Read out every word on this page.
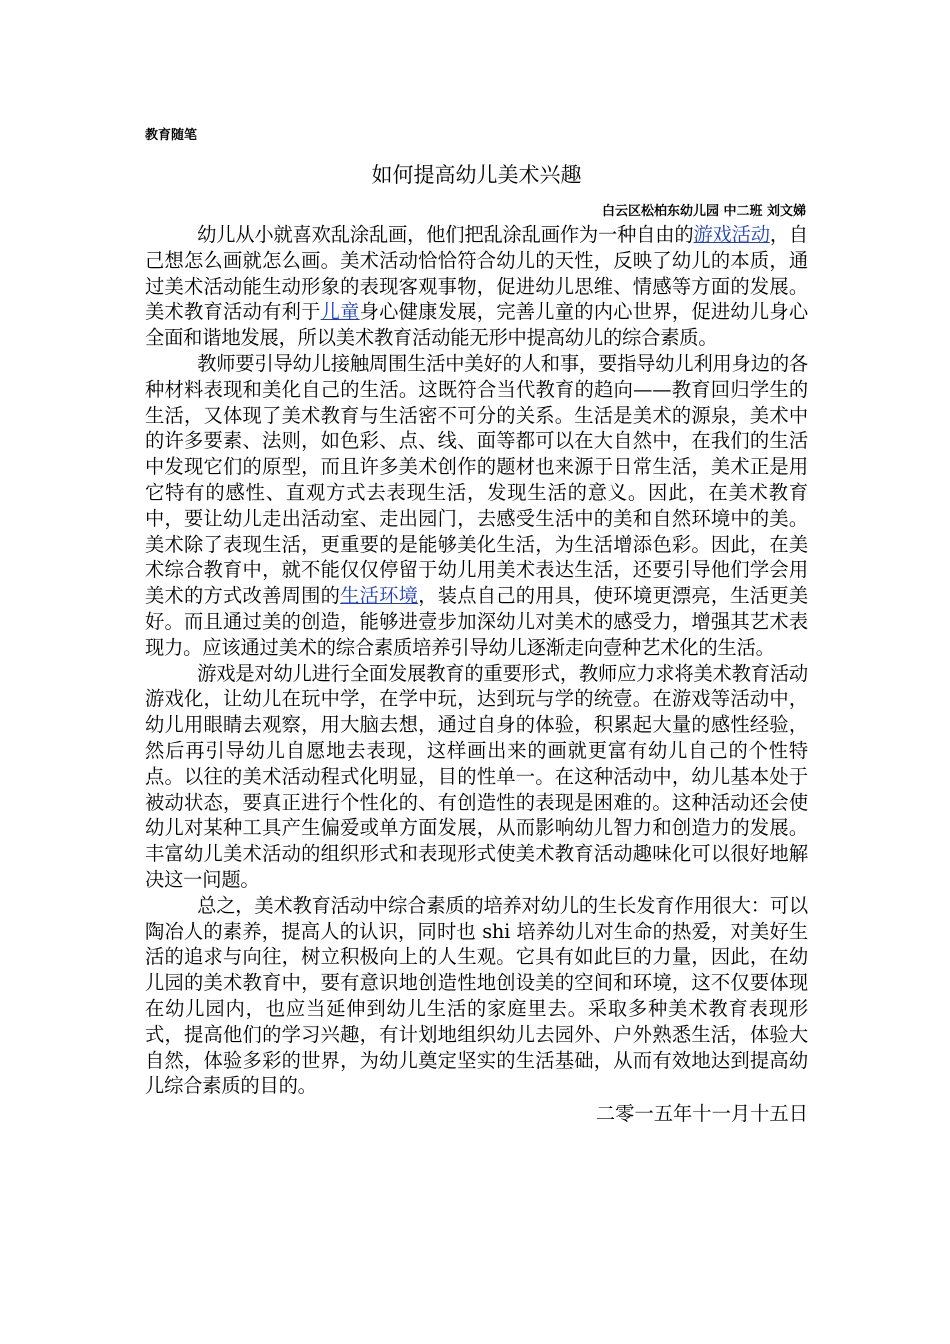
教育随笔
如何提高幼儿美术兴趣
白云区松柏东幼儿园 中二班 刘文娣

幼儿从小就喜欢乱涂乱画，他们把乱涂乱画作为一种自由的游戏活动，自己想怎么画就怎么画。美术活动恰恰符合幼儿的天性，反映了幼儿的本质，通过美术活动能生动形象的表现客观事物，促进幼儿思维、情感等方面的发展。美术教育活动有利于儿童身心健康发展，完善儿童的内心世界，促进幼儿身心全面和谐地发展，所以美术教育活动能无形中提高幼儿的综合素质。

教师要引导幼儿接触周围生活中美好的人和事，要指导幼儿利用身边的各种材料表现和美化自己的生活。这既符合当代教育的趋向——教育回归学生的生活，又体现了美术教育与生活密不可分的关系。生活是美术的源泉，美术中的许多要素、法则，如色彩、点、线、面等都可以在大自然中，在我们的生活中发现它们的原型，而且许多美术创作的题材也来源于日常生活，美术正是用它特有的感性、直观方式去表现生活，发现生活的意义。因此，在美术教育中，要让幼儿走出活动室、走出园门，去感受生活中的美和自然环境中的美。美术除了表现生活，更重要的是能够美化生活，为生活增添色彩。因此，在美术综合教育中，就不能仅仅停留于幼儿用美术表达生活，还要引导他们学会用美术的方式改善周围的生活环境，装点自己的用具，使环境更漂亮，生活更美好。而且通过美的创造，能够进壹步加深幼儿对美术的感受力，增强其艺术表现力。应该通过美术的综合素质培养引导幼儿逐渐走向壹种艺术化的生活。

游戏是对幼儿进行全面发展教育的重要形式，教师应力求将美术教育活动游戏化，让幼儿在玩中学，在学中玩，达到玩与学的统壹。在游戏等活动中，幼儿用眼睛去观察，用大脑去想，通过自身的体验，积累起大量的感性经验，然后再引导幼儿自愿地去表现，这样画出来的画就更富有幼儿自己的个性特点。以往的美术活动程式化明显，目的性单一。在这种活动中，幼儿基本处于被动状态，要真正进行个性化的、有创造性的表现是困难的。这种活动还会使幼儿对某种工具产生偏爱或单方面发展，从而影响幼儿智力和创造力的发展。丰富幼儿美术活动的组织形式和表现形式使美术教育活动趣味化可以很好地解决这一问题。

总之，美术教育活动中综合素质的培养对幼儿的生长发育作用很大：可以陶冶人的素养，提高人的认识，同时也 shi 培养幼儿对生命的热爱，对美好生活的追求与向往，树立积极向上的人生观。它具有如此巨的力量，因此，在幼儿园的美术教育中，要有意识地创造性地创设美的空间和环境，这不仅要体现在幼儿园内，也应当延伸到幼儿生活的家庭里去。采取多种美术教育表现形式，提高他们的学习兴趣，有计划地组织幼儿去园外、户外熟悉生活，体验大自然，体验多彩的世界，为幼儿奠定坚实的生活基础，从而有效地达到提高幼儿综合素质的目的。

二零一五年十一月十五日
